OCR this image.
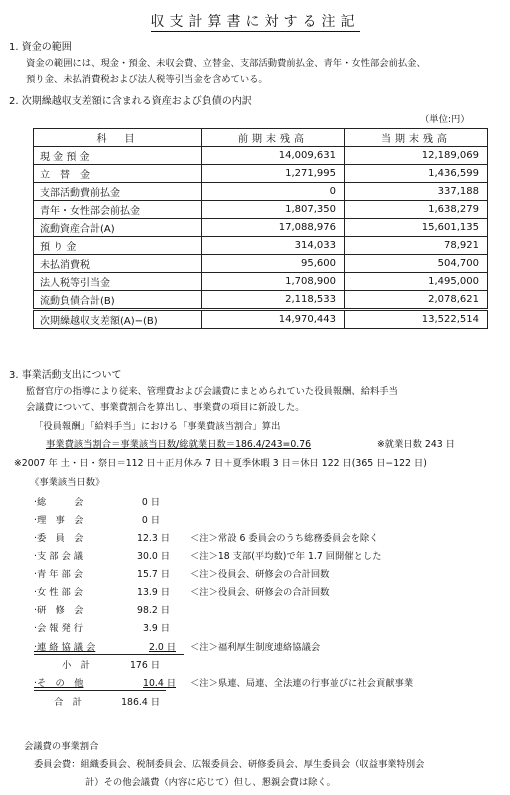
収支計算書に対する注記
1. 資金の範囲
資金の範囲には、現金・預金、未収会費、立替金、支部活動費前払金、青年・女性部会前払金、
預り金、未払消費税および法人税等引当金を含めている。
2. 次期繰越収支差額に含まれる資産および負債の内訳
（単位:円）
科　目	前期末残高	当期末残高
現 金 預 金	14,009,631	12,189,069
立　替　金	1,271,995	1,436,599
支部活動費前払金	0	337,188
青年・女性部会前払金	1,807,350	1,638,279
流動資産合計(A)	17,088,976	15,601,135
預 り 金	314,033	78,921
未払消費税	95,600	504,700
法人税等引当金	1,708,900	1,495,000
流動負債合計(B)	2,118,533	2,078,621
次期繰越収支差額(A)−(B)	14,970,443	13,522,514
3. 事業活動支出について
監督官庁の指導により従来、管理費および会議費にまとめられていた役員報酬、給料手当
会議費について、事業費割合を算出し、事業費の項目に新設した。
「役員報酬」「給料手当」における「事業費該当割合」算出
事業費該当割合＝事業該当日数/総就業日数＝186.4/243=0.76	※就業日数 243 日
※2007 年 土・日・祭日＝112 日＋正月休み 7 日＋夏季休暇 3 日＝休日 122 日(365 日−122 日)
《事業該当日数》
·総　　　会	0 日
·理　事　会	0 日
·委　員　会	12.3 日 ＜注＞常設 6 委員会のうち総務委員会を除く
·支 部 会 議	30.0 日 ＜注＞18 支部(平均数)で年 1.7 回開催とした
·青 年 部 会	15.7 日 ＜注＞役員会、研修会の合計回数
·女 性 部 会	13.9 日 ＜注＞役員会、研修会の合計回数
·研　修　会	98.2 日
·会 報 発 行	3.9 日
·連 絡 協 議 会	2.0 日 ＜注＞福利厚生制度連絡協議会
小　計	176 日
·そ　の　他	10.4 日 ＜注＞県連、局連、全法連の行事並びに社会貢献事業
合　計	186.4 日
会議費の事業割合
委員会費：組織委員会、税制委員会、広報委員会、研修委員会、厚生委員会（収益事業特別会
計）その他会議費（内容に応じて）但し、懇親会費は除く。
